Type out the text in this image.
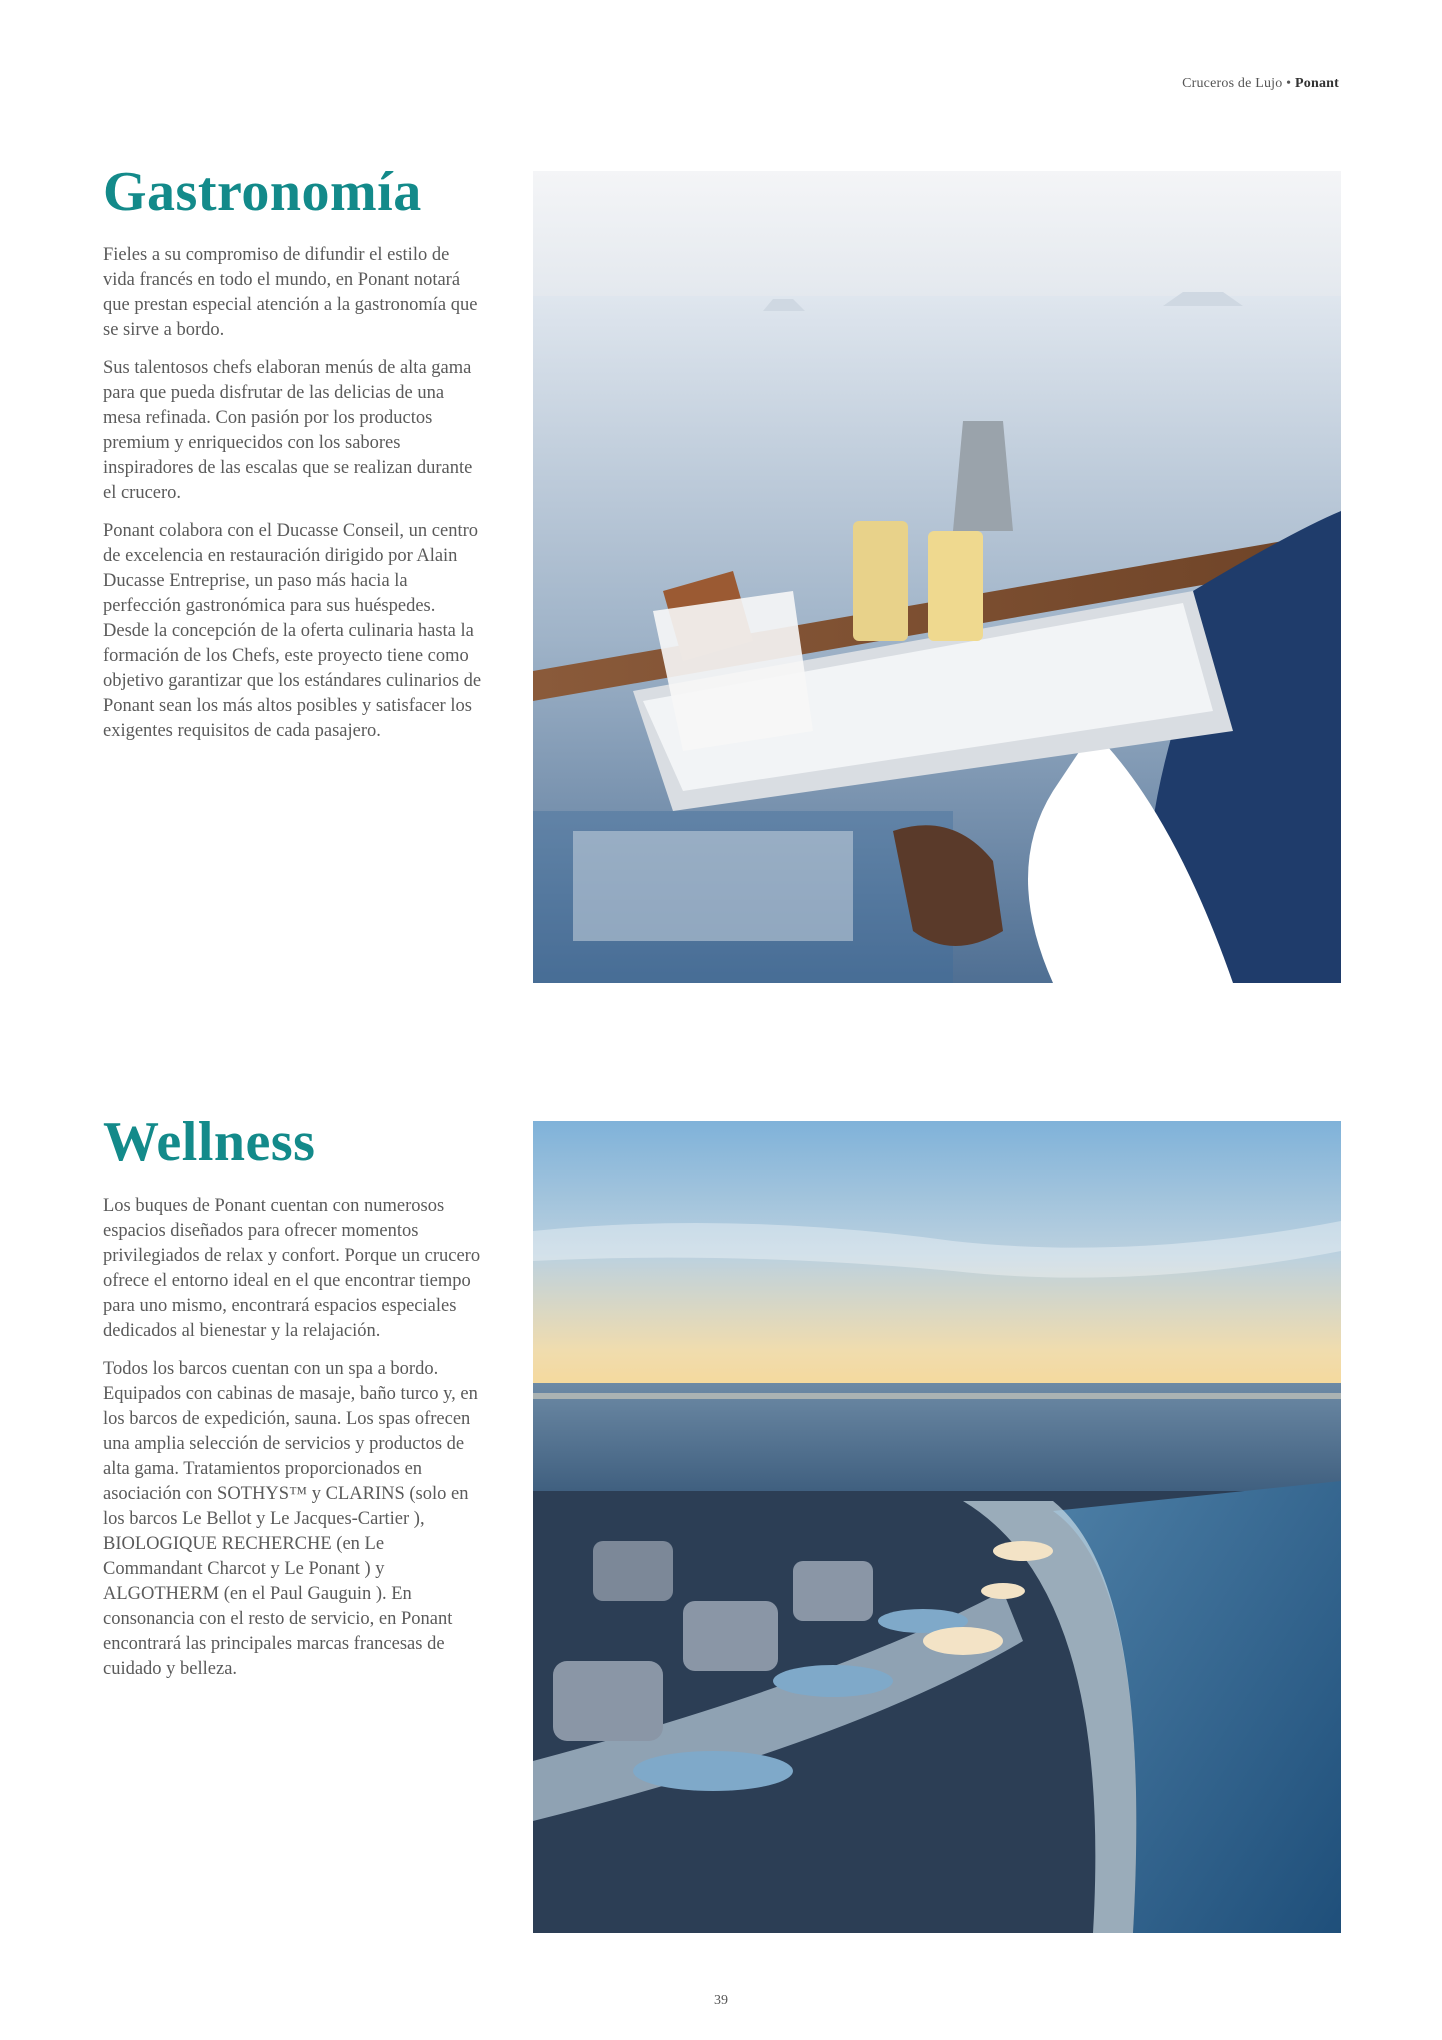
Cruceros de Lujo • Ponant
Gastronomía

Fieles a su compromiso de difundir el estilo de vida francés en todo el mundo, en Ponant notará que prestan especial atención a la gastronomía que se sirve a bordo.

Sus talentosos chefs elaboran menús de alta gama para que pueda disfrutar de las delicias de una mesa refinada. Con pasión por los productos premium y enriquecidos con los sabores inspiradores de las escalas que se realizan durante el crucero.

Ponant colabora con el Ducasse Conseil, un centro de excelencia en restauración dirigido por Alain Ducasse Entreprise, un paso más hacia la perfección gastronómica para sus huéspedes. Desde la concepción de la oferta culinaria hasta la formación de los Chefs, este proyecto tiene como objetivo garantizar que los estándares culinarios de Ponant sean los más altos posibles y satisfacer los exigentes requisitos de cada pasajero.

Wellness

Los buques de Ponant cuentan con numerosos espacios diseñados para ofrecer momentos privilegiados de relax y confort. Porque un crucero ofrece el entorno ideal en el que encontrar tiempo para uno mismo, encontrará espacios especiales dedicados al bienestar y la relajación.

Todos los barcos cuentan con un spa a bordo. Equipados con cabinas de masaje, baño turco y, en los barcos de expedición, sauna. Los spas ofrecen una amplia selección de servicios y productos de alta gama. Tratamientos proporcionados en asociación con SOTHYS™ y CLARINS (solo en los barcos Le Bellot y Le Jacques-Cartier ), BIOLOGIQUE RECHERCHE (en Le Commandant Charcot y Le Ponant ) y ALGOTHERM (en el Paul Gauguin ). En consonancia con el resto de servicio, en Ponant encontrará las principales marcas francesas de cuidado y belleza.

39
